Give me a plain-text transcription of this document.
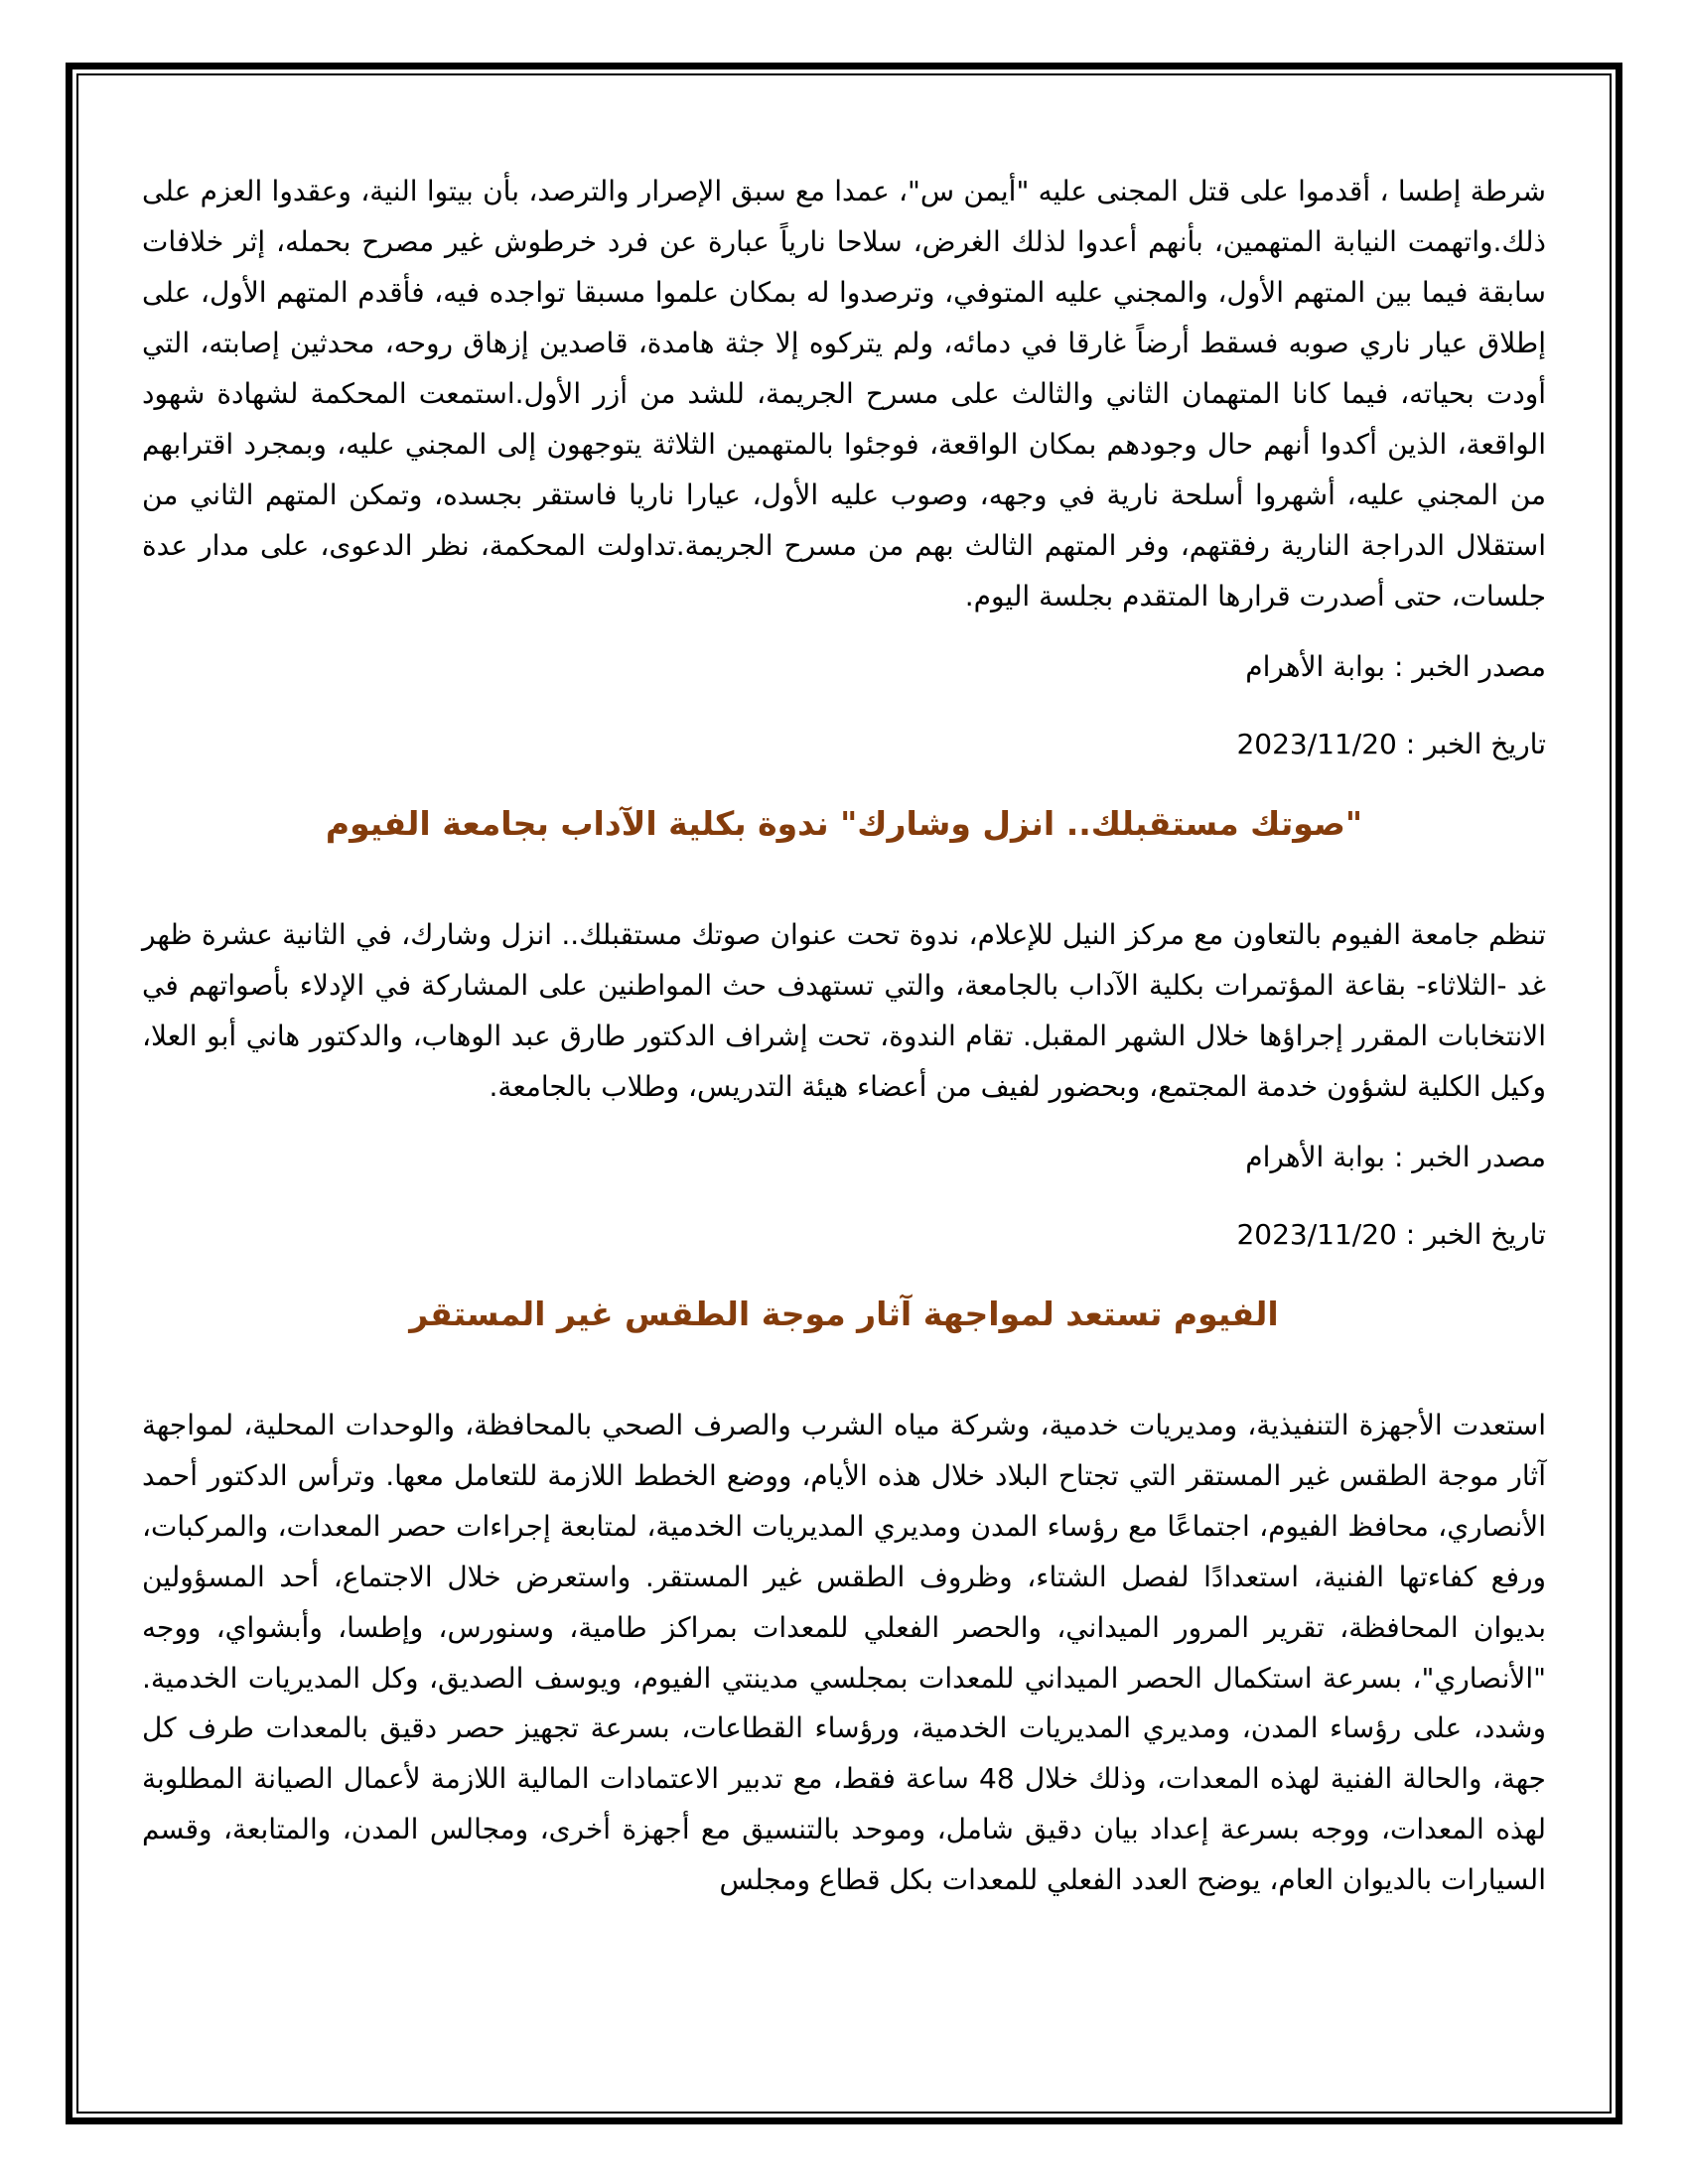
شرطة إطسا ، أقدموا على قتل المجنى عليه "أيمن س"، عمدا مع سبق الإصرار والترصد، بأن بيتوا النية، وعقدوا العزم على ذلك.واتهمت النيابة المتهمين، بأنهم أعدوا لذلك الغرض، سلاحا نارياً عبارة عن فرد خرطوش غير مصرح بحمله، إثر خلافات سابقة فيما بين المتهم الأول، والمجني عليه المتوفي، وترصدوا له بمكان علموا مسبقا تواجده فيه، فأقدم المتهم الأول، على إطلاق عيار ناري صوبه فسقط أرضاً غارقا في دمائه، ولم يتركوه إلا جثة هامدة، قاصدين إزهاق روحه، محدثين إصابته، التي أودت بحياته، فيما كانا المتهمان الثاني والثالث على مسرح الجريمة، للشد من أزر الأول.استمعت المحكمة لشهادة شهود الواقعة، الذين أكدوا أنهم حال وجودهم بمكان الواقعة، فوجئوا بالمتهمين الثلاثة يتوجهون إلى المجني عليه، وبمجرد اقترابهم من المجني عليه، أشهروا أسلحة نارية في وجهه، وصوب عليه الأول، عيارا ناريا فاستقر بجسده، وتمكن المتهم الثاني من استقلال الدراجة النارية رفقتهم، وفر المتهم الثالث بهم من مسرح الجريمة.تداولت المحكمة، نظر الدعوى، على مدار عدة جلسات، حتى أصدرت قرارها المتقدم بجلسة اليوم.

مصدر الخبر : بوابة الأهرام

تاريخ الخبر : 2023/11/20

"صوتك مستقبلك.. انزل وشارك" ندوة بكلية الآداب بجامعة الفيوم

تنظم جامعة الفيوم بالتعاون مع مركز النيل للإعلام، ندوة تحت عنوان صوتك مستقبلك.. انزل وشارك، في الثانية عشرة ظهر غد -الثلاثاء- بقاعة المؤتمرات بكلية الآداب بالجامعة، والتي تستهدف حث المواطنين على المشاركة في الإدلاء بأصواتهم في الانتخابات المقرر إجراؤها خلال الشهر المقبل. تقام الندوة، تحت إشراف الدكتور طارق عبد الوهاب، والدكتور هاني أبو العلا، وكيل الكلية لشؤون خدمة المجتمع، وبحضور لفيف من أعضاء هيئة التدريس، وطلاب بالجامعة.

مصدر الخبر : بوابة الأهرام

تاريخ الخبر : 2023/11/20

الفيوم تستعد لمواجهة آثار موجة الطقس غير المستقر

استعدت الأجهزة التنفيذية، ومديريات خدمية، وشركة مياه الشرب والصرف الصحي بالمحافظة، والوحدات المحلية، لمواجهة آثار موجة الطقس غير المستقر التي تجتاح البلاد خلال هذه الأيام، ووضع الخطط اللازمة للتعامل معها. وترأس الدكتور أحمد الأنصاري، محافظ الفيوم، اجتماعًا مع رؤساء المدن ومديري المديريات الخدمية، لمتابعة إجراءات حصر المعدات، والمركبات، ورفع كفاءتها الفنية، استعدادًا لفصل الشتاء، وظروف الطقس غير المستقر. واستعرض خلال الاجتماع، أحد المسؤولين بديوان المحافظة، تقرير المرور الميداني، والحصر الفعلي للمعدات بمراكز طامية، وسنورس، وإطسا، وأبشواي، ووجه "الأنصاري"، بسرعة استكمال الحصر الميداني للمعدات بمجلسي مدينتي الفيوم، ويوسف الصديق، وكل المديريات الخدمية. وشدد، على رؤساء المدن، ومديري المديريات الخدمية، ورؤساء القطاعات، بسرعة تجهيز حصر دقيق بالمعدات طرف كل جهة، والحالة الفنية لهذه المعدات، وذلك خلال 48 ساعة فقط، مع تدبير الاعتمادات المالية اللازمة لأعمال الصيانة المطلوبة لهذه المعدات، ووجه بسرعة إعداد بيان دقيق شامل، وموحد بالتنسيق مع أجهزة أخرى، ومجالس المدن، والمتابعة، وقسم السيارات بالديوان العام، يوضح العدد الفعلي للمعدات بكل قطاع ومجلس
